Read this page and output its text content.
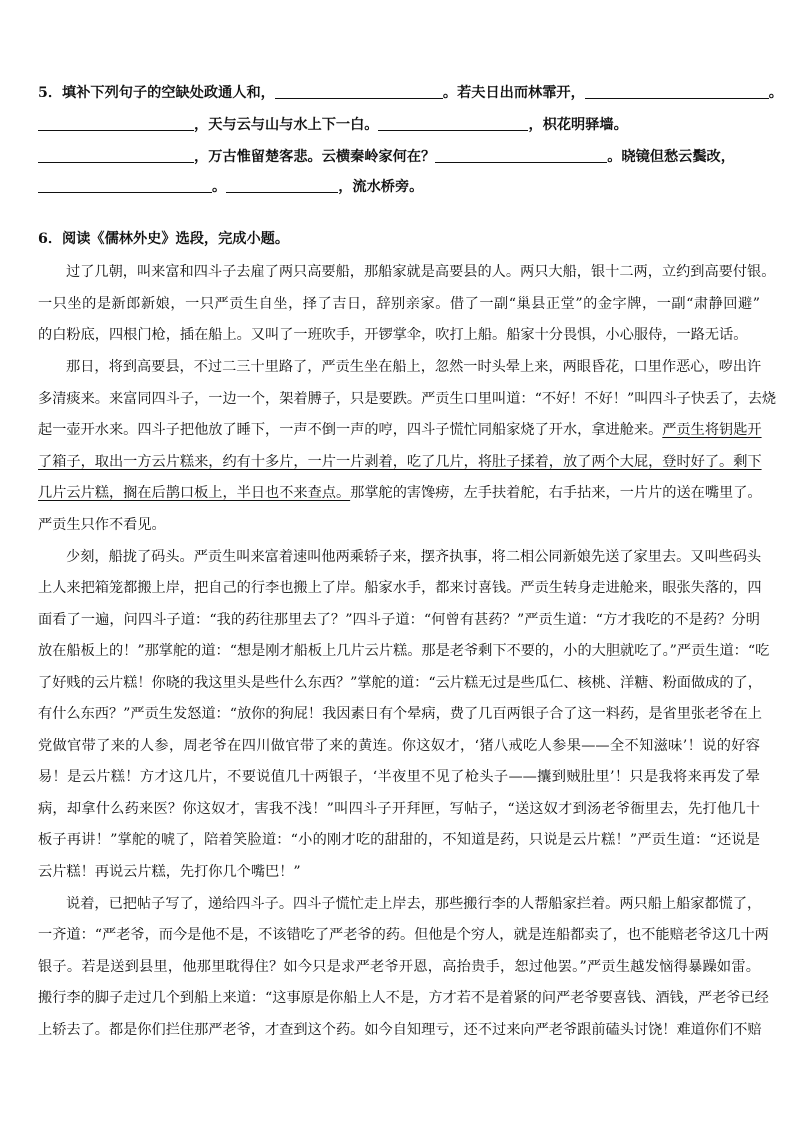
5．填补下列句子的空缺处政通人和，	。若夫日出而林霏开，	。
，天与云与山与水上下一白。	，枳花明驿墙。
，万古惟留楚客悲。云横秦岭家何在？	。晓镜但愁云鬓改，
。	，流水桥旁。
6．阅读《儒林外史》选段，完成小题。
过了几朝，叫来富和四斗子去雇了两只高要船，那船家就是高要县的人。两只大船，银十二两，立约到高要付银。
一只坐的是新郎新娘，一只严贡生自坐，择了吉日，辞别亲家。借了一副“巢县正堂”的金字牌，一副“肃静回避”
的白粉底，四根门枪，插在船上。又叫了一班吹手，开锣掌伞，吹打上船。船家十分畏惧，小心服侍，一路无话。
那日，将到高要县，不过二三十里路了，严贡生坐在船上，忽然一时头晕上来，两眼昏花，口里作恶心，哕出许
多清痰来。来富同四斗子，一边一个，架着膊子，只是要跌。严贡生口里叫道：“不好！不好！”叫四斗子快丢了，去烧
起一壶开水来。四斗子把他放了睡下，一声不倒一声的哼，四斗子慌忙同船家烧了开水，拿进舱来。严贡生将钥匙开
了箱子，取出一方云片糕来，约有十多片，一片一片剥着，吃了几片，将肚子揉着，放了两个大屁，登时好了。剩下
几片云片糕，搁在后鹊口板上，半日也不来查点。那掌舵的害馋痨，左手扶着舵，右手拈来，一片片的送在嘴里了。
严贡生只作不看见。
少刻，船拢了码头。严贡生叫来富着速叫他两乘轿子来，摆齐执事，将二相公同新娘先送了家里去。又叫些码头
上人来把箱笼都搬上岸，把自己的行李也搬上了岸。船家水手，都来讨喜钱。严贡生转身走进舱来，眼张失落的，四
面看了一遍，问四斗子道：“我的药往那里去了？”四斗子道：“何曾有甚药？”严贡生道：“方才我吃的不是药？分明
放在船板上的！”那掌舵的道：“想是刚才船板上几片云片糕。那是老爷剩下不要的，小的大胆就吃了。”严贡生道：“吃
了好贱的云片糕！你晓的我这里头是些什么东西？”掌舵的道：“云片糕无过是些瓜仁、核桃、洋糖、粉面做成的了，
有什么东西？”严贡生发怒道：“放你的狗屁！我因素日有个晕病，费了几百两银子合了这一料药，是省里张老爷在上
党做官带了来的人参，周老爷在四川做官带了来的黄连。你这奴才，‘猪八戒吃人参果——全不知滋味’！说的好容
易！是云片糕！方才这几片，不要说值几十两银子，‘半夜里不见了枪头子——攮到贼肚里’！只是我将来再发了晕
病，却拿什么药来医？你这奴才，害我不浅！”叫四斗子开拜匣，写帖子，“送这奴才到汤老爷衙里去，先打他几十
板子再讲！”掌舵的唬了，陪着笑脸道：“小的刚才吃的甜甜的，不知道是药，只说是云片糕！”严贡生道：“还说是
云片糕！再说云片糕，先打你几个嘴巴！”
说着，已把帖子写了，递给四斗子。四斗子慌忙走上岸去，那些搬行李的人帮船家拦着。两只船上船家都慌了，
一齐道：“严老爷，而今是他不是，不该错吃了严老爷的药。但他是个穷人，就是连船都卖了，也不能赔老爷这几十两
银子。若是送到县里，他那里耽得住？如今只是求严老爷开恩，高抬贵手，恕过他罢。”严贡生越发恼得暴躁如雷。
搬行李的脚子走过几个到船上来道：“这事原是你船上人不是，方才若不是着紧的问严老爷要喜钱、酒钱，严老爷已经
上轿去了。都是你们拦住那严老爷，才查到这个药。如今自知理亏，还不过来向严老爷跟前磕头讨饶！难道你们不赔
